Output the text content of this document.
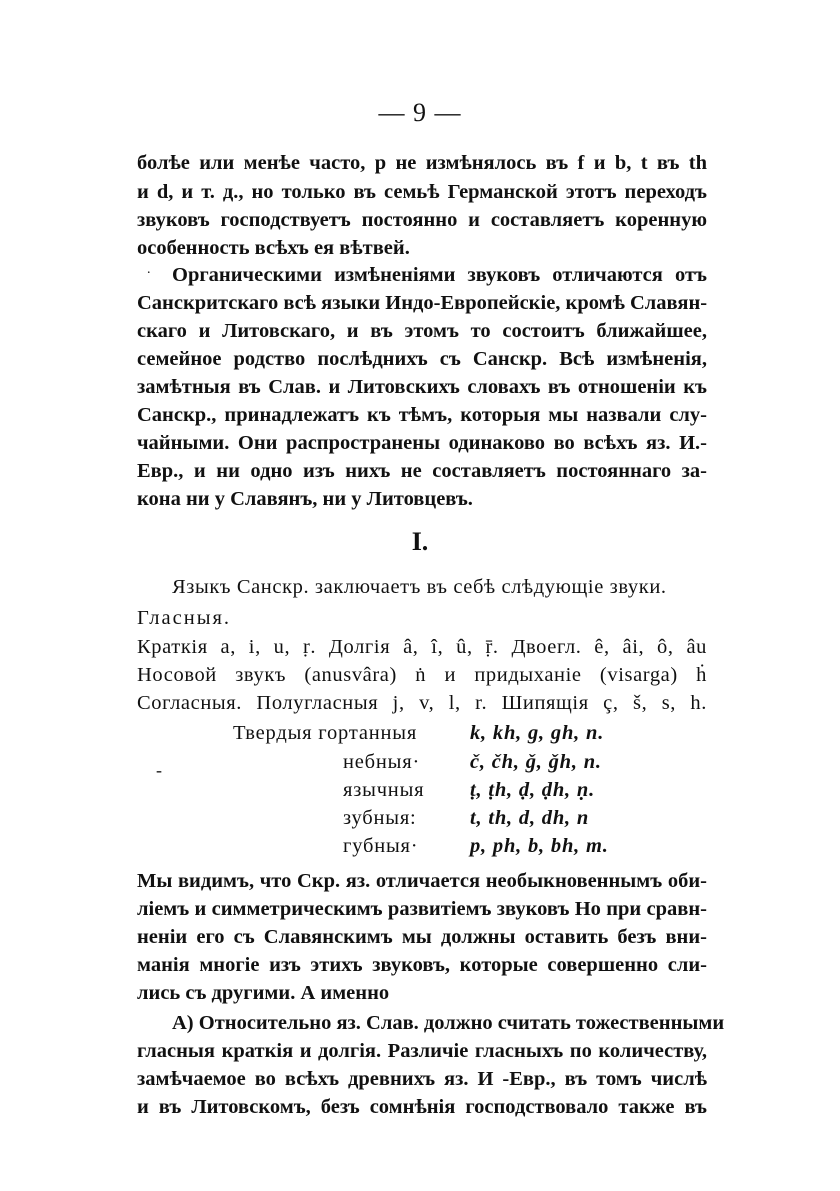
— 9 —
болѣе или менѣе часто, p не измѣнялось въ f и b, t въ th
и d, и т. д., но только въ семьѣ Германской этотъ переходъ
звуковъ господствуетъ постоянно и составляетъ коренную
особенность всѣхъ ея вѣтвей.
. Органическими измѣненіями звуковъ отличаются отъ
Санскритскаго всѣ языки Индо-Европейскіе, кромѣ Славян-
скаго и Литовскаго, и въ этомъ то состоитъ ближайшее,
семейное родство послѣднихъ съ Санскр. Всѣ измѣненія,
замѣтныя въ Слав. и Литовскихъ словахъ въ отношеніи къ
Санскр., принадлежатъ къ тѣмъ, которыя мы назвали слу-
чайными. Они распространены одинаково во всѣхъ яз. И.-
Евр., и ни одно изъ нихъ не составляетъ постояннаго за-
кона ни у Славянъ, ни у Литовцевъ.
I.
Языкъ Санскр. заключаетъ въ себѣ слѣдующіе звуки.
Гласныя.
Краткія a, i, u, ṛ. Долгія â, î, û, ṝ. Двоегл. ê, âi, ô, âu
Носовой звукъ (anusvâra) ṅ и придыханіе (visarga) ḣ
Согласныя. Полугласныя j, v, l, r. Шипящія ç, š, s, h.
Твердыя гортанныя	k, kh, g, gh, n.
небныя· č, čh, ǧ, ǧh, n.
язычныя ṭ, ṭh, ḍ, ḍh, ṇ.
зубныя:	t, th, d, dh, n
губныя·	p, ph, b, bh, m.
-
Мы видимъ, что Скр. яз. отличается необыкновеннымъ оби-
ліемъ и симметрическимъ развитіемъ звуковъ Но при сравн-
неніи его съ Славянскимъ мы должны оставить безъ вни-
манія многіе изъ этихъ звуковъ, которые совершенно сли-
лись съ другими. А именно
А) Относительно яз. Слав. должно считать тожественными
гласныя краткія и долгія. Различіе гласныхъ по количеству,
замѣчаемое во всѣхъ древнихъ яз. И -Евр., въ томъ числѣ
и въ Литовскомъ, безъ сомнѣнія господствовало также въ
